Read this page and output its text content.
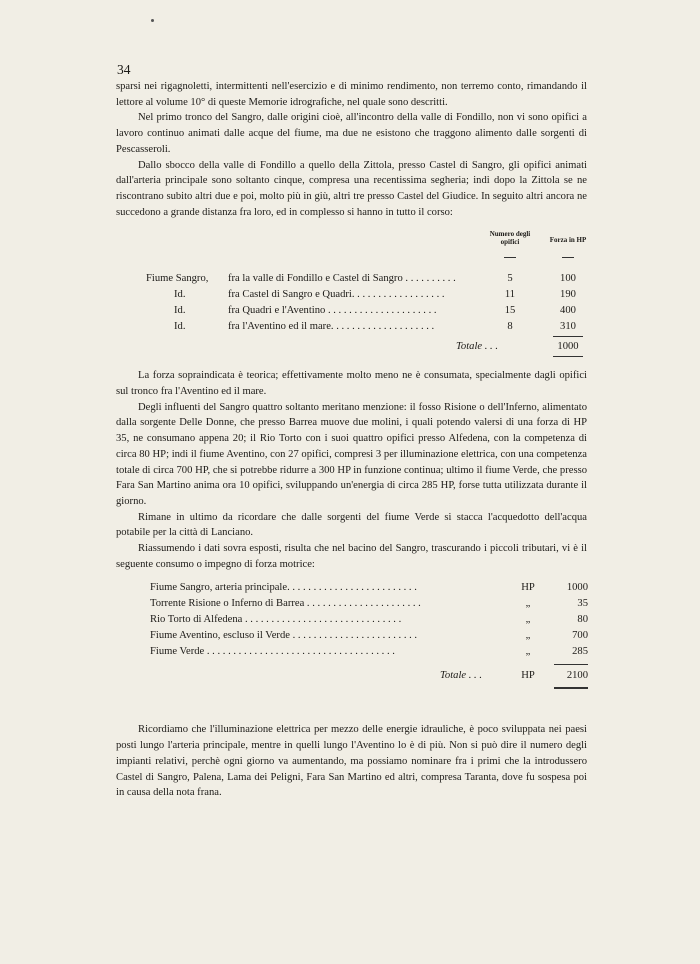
34

sparsi nei rigagnoletti, intermittenti nell'esercizio e di minimo rendimento, non terremo conto, rimandando il lettore al volume 10° di queste Memorie idrografiche, nel quale sono descritti.

Nel primo tronco del Sangro, dalle origini cioè, all'incontro della valle di Fondillo, non vi sono opifici a lavoro continuo animati dalle acque del fiume, ma due ne esistono che traggono alimento dalle sorgenti di Pescasseroli.

Dallo sbocco della valle di Fondillo a quello della Zittola, presso Castel di Sangro, gli opifici animati dall'arteria principale sono soltanto cinque, compresa una recentissima segheria; indi dopo la Zittola se ne riscontrano subito altri due e poi, molto più in giù, altri tre presso Castel del Giudice. In seguito altri ancora ne succedono a grande distanza fra loro, ed in complesso si hanno in tutto il corso:

Numero degli opifici	Forza in HP
Fiume Sangro, fra la valle di Fondillo e Castel di Sangro . . . . . . . . . .	5	100
Id.	fra Castel di Sangro e Quadri. . . . . . . . . . . . . . . . . .	11	190
Id.	fra Quadri e l'Aventino . . . . . . . . . . . . . . . . . . . . .	15	400
Id.	fra l'Aventino ed il mare. . . . . . . . . . . . . . . . . . . .	8	310
Totale . . .	1000

La forza sopraindicata è teorica; effettivamente molto meno ne è consumata, specialmente dagli opifici sul tronco fra l'Aventino ed il mare.

Degli influenti del Sangro quattro soltanto meritano menzione: il fosso Risione o dell'Inferno, alimentato dalla sorgente Delle Donne, che presso Barrea muove due molini, i quali potendo valersi di una forza di HP 35, ne consumano appena 20; il Rio Torto con i suoi quattro opifici presso Alfedena, con la competenza di circa 80 HP; indi il fiume Aventino, con 27 opifici, compresi 3 per illuminazione elettrica, con una competenza totale di circa 700 HP, che si potrebbe ridurre a 300 HP in funzione continua; ultimo il fiume Verde, che presso Fara San Martino anima ora 10 opifici, sviluppando un'energia di circa 285 HP, forse tutta utilizzata durante il giorno.

Rimane in ultimo da ricordare che dalle sorgenti del fiume Verde si stacca l'acquedotto dell'acqua potabile per la città di Lanciano.

Riassumendo i dati sovra esposti, risulta che nel bacino del Sangro, trascurando i piccoli tributari, vi è il seguente consumo o impegno di forza motrice:

Fiume Sangro, arteria principale. . . . . . . . . . . . . . . . . . . . . . . . .	HP	1000
Torrente Risione o Inferno di Barrea . . . . . . . . . . . . . . . . . . . . . .	„	35
Rio Torto di Alfedena . . . . . . . . . . . . . . . . . . . . . . . . . . . . . .	„	80
Fiume Aventino, escluso il Verde . . . . . . . . . . . . . . . . . . . . . . . .	„	700
Fiume Verde . . . . . . . . . . . . . . . . . . . . . . . . . . . . . . . . . . . .	„	285
Totale . . .	HP	2100

Ricordiamo che l'illuminazione elettrica per mezzo delle energie idrauliche, è poco sviluppata nei paesi posti lungo l'arteria principale, mentre in quelli lungo l'Aventino lo è di più. Non si può dire il numero degli impianti relativi, perchè ogni giorno va aumentando, ma possiamo nominare fra i primi che la introdussero Castel di Sangro, Palena, Lama dei Peligni, Fara San Martino ed altri, compresa Taranta, dove fu sospesa poi in causa della nota frana.
